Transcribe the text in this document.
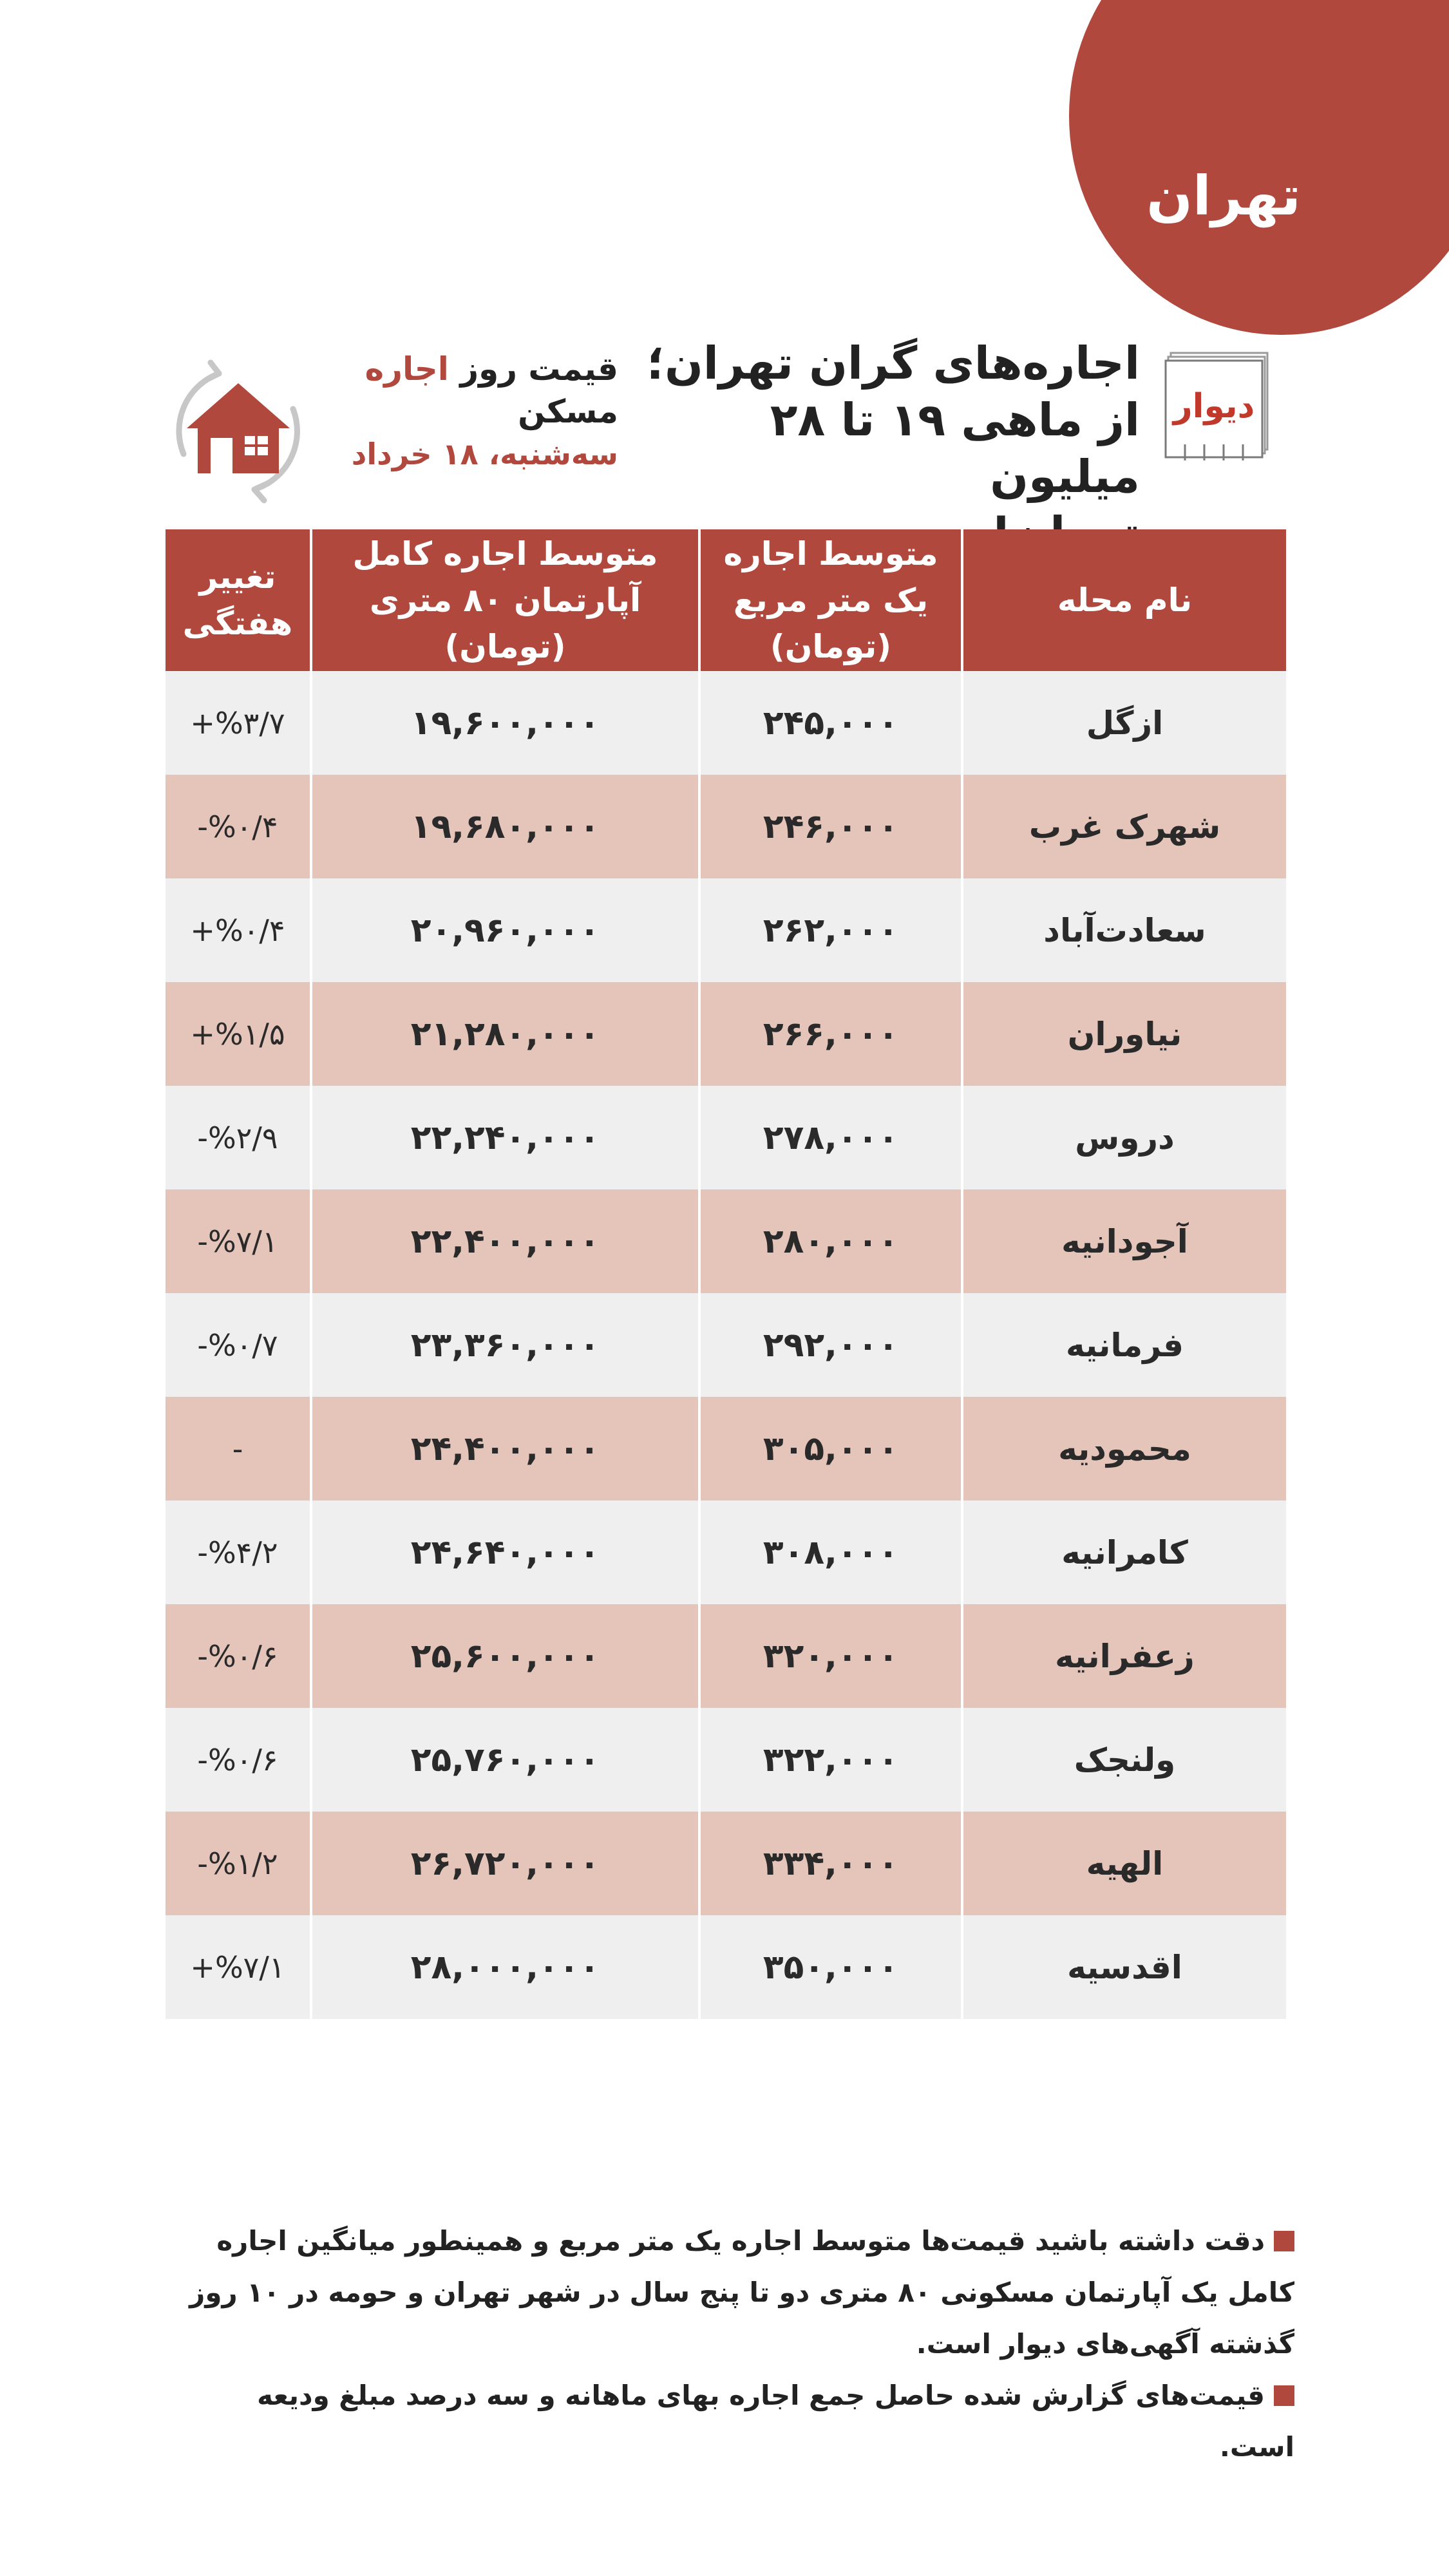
تهران
دیوار
اجاره‌های گران تهران؛
از ماهی ۱۹ تا ۲۸ میلیون
قیمت روز اجاره مسکن
سه‌شنبه، ۱۸ خرداد
نام محله
متوسط اجاره یک متر مربع (تومان)
متوسط اجاره کامل آپارتمان ۸۰ متری (تومان)
تغییر هفتگی
ازگل
۲۴۵,۰۰۰
۱۹,۶۰۰,۰۰۰
+%۳/۷
شهرک غرب
۲۴۶,۰۰۰
۱۹,۶۸۰,۰۰۰
-%۰/۴
سعادت‌آباد
۲۶۲,۰۰۰
۲۰,۹۶۰,۰۰۰
+%۰/۴
نیاوران
۲۶۶,۰۰۰
۲۱,۲۸۰,۰۰۰
+%۱/۵
دروس
۲۷۸,۰۰۰
۲۲,۲۴۰,۰۰۰
-%۲/۹
آجودانیه
۲۸۰,۰۰۰
۲۲,۴۰۰,۰۰۰
-%۷/۱
فرمانیه
۲۹۲,۰۰۰
۲۳,۳۶۰,۰۰۰
-%۰/۷
محمودیه
۳۰۵,۰۰۰
۲۴,۴۰۰,۰۰۰
-
کامرانیه
۳۰۸,۰۰۰
۲۴,۶۴۰,۰۰۰
-%۴/۲
زعفرانیه
۳۲۰,۰۰۰
۲۵,۶۰۰,۰۰۰
-%۰/۶
ولنجک
۳۲۲,۰۰۰
۲۵,۷۶۰,۰۰۰
-%۰/۶
الهیه
۳۳۴,۰۰۰
۲۶,۷۲۰,۰۰۰
-%۱/۲
اقدسیه
۳۵۰,۰۰۰
۲۸,۰۰۰,۰۰۰
+%۷/۱
دقت داشته باشید قیمت‌ها متوسط اجاره یک متر مربع و همینطور میانگین اجاره کامل یک آپارتمان مسکونی ۸۰ متری دو تا پنج سال در شهر تهران و حومه در ۱۰ روز گذشته آگهی‌های دیوار است.
قیمت‌های گزارش شده حاصل جمع اجاره بهای ماهانه و سه درصد مبلغ ودیعه است.
